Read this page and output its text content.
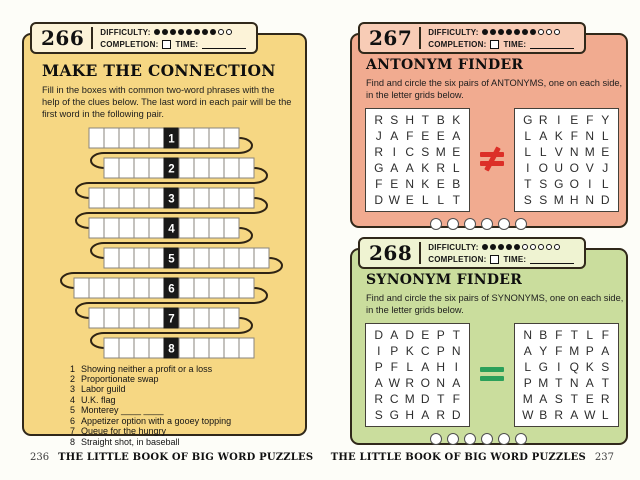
266 DIFFICULTY:
COMPLETION: TIME:
MAKE THE CONNECTION

Fill in the boxes with common two-word phrases with the help of the clues below. The last word in each pair will be the first word in the following pair.

1
2
3
4
5
6
7
8
1 Showing neither a profit or a loss
2 Proportionate swap
3 Labor guild
4 U.K. flag
5 Monterey ____ ____
6 Appetizer option with a gooey topping
7 Queue for the hungry
8 Straight shot, in baseball
236 THE LITTLE BOOK OF BIG WORD PUZZLES
267 DIFFICULTY:
COMPLETION: TIME:
ANTONYM FINDER

Find and circle the six pairs of ANTONYMS, one on each side, in the letter grids below.

R S H T B K
J A F E E A
R I C S M E
G A A K R L
F E N K E B
D W E L L T
G R I E F Y
L A K F N L
L L V N M E
I O U O V J
T S G O I L
S S M H N D
268 DIFFICULTY:
COMPLETION: TIME:
SYNONYM FINDER

Find and circle the six pairs of SYNONYMS, one on each side, in the letter grids below.

D A D E P T
I P K C P N
P F L A H I
A W R O N A
R C M D T F
S G H A R D
N B F T L F
A Y F M P A
L G I Q K S
P M T N A T
M A S T E R
W B R A W L
THE LITTLE BOOK OF BIG WORD PUZZLES 237
